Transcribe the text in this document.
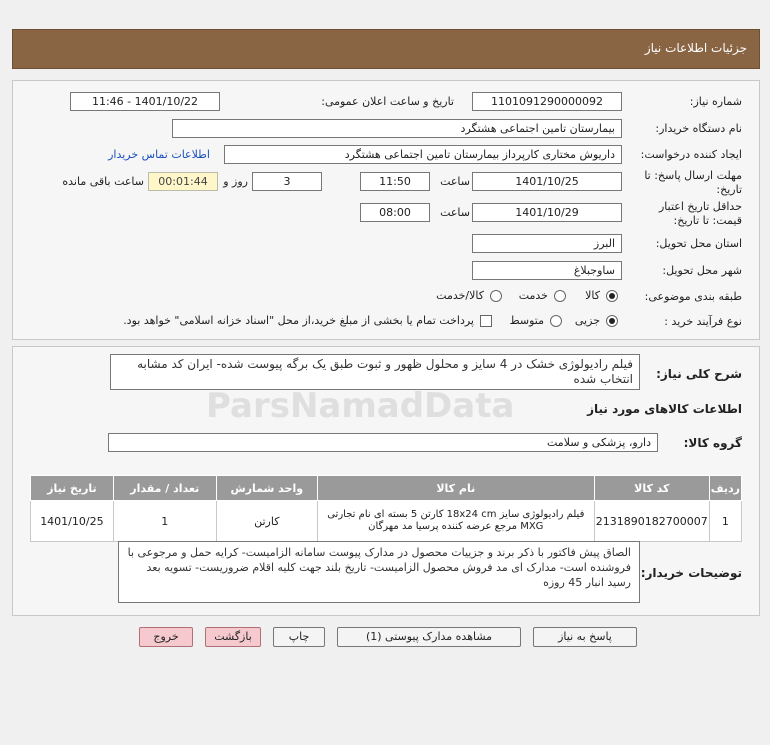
جزئیات اطلاعات نیاز
شماره نیاز:
1101091290000092
تاریخ و ساعت اعلان عمومی:
1401/10/22 - 11:46
نام دستگاه خریدار:
بیمارستان تامین اجتماعی هشتگرد
ایجاد کننده درخواست:
داریوش مختاری کارپرداز بیمارستان تامین اجتماعی هشتگرد
اطلاعات تماس خریدار
مهلت ارسال پاسخ: تا
تاریخ:
1401/10/25
ساعت
11:50
3
روز و
00:01:44
ساعت باقی مانده
حداقل تاریخ اعتبار
قیمت: تا تاریخ:
1401/10/29
ساعت
08:00
استان محل تحویل:
البرز
شهر محل تحویل:
ساوجبلاغ
طبقه بندی موضوعی:
کالا
خدمت
کالا/خدمت
نوع فرآیند خرید :
جزیی
متوسط
پرداخت تمام یا بخشی از مبلغ خرید،از محل "اسناد خزانه اسلامی" خواهد بود.
شرح کلی نیاز:
فیلم رادیولوژی خشک در 4 سایز و محلول ظهور و ثبوت طبق یک برگه پیوست شده- ایران کد مشابه انتخاب شده
اطلاعات کالاهای مورد نیاز
گروه کالا:
دارو، پزشکی و سلامت
ردیف	کد کالا	نام کالا	واحد شمارش	تعداد / مقدار	تاریخ نیاز
1	2131890182700007	فیلم رادیولوژی سایز 18x24 cm کارتن 5 بسته ای نام تجارتی MXG مرجع عرضه کننده پرسیا مد مهرگان	کارتن	1	1401/10/25
توضیحات خریدار:
الصاق پیش فاکتور با ذکر برند و جزییات محصول در مدارک پیوست سامانه الزامیست- کرایه حمل و مرجوعی با فروشنده است- مدارک ای مد فروش محصول الزامیست- تاریخ بلند جهت کلیه اقلام ضروریست- تسویه بعد رسید انبار 45 روزه
پاسخ به نیاز
مشاهده مدارک پیوستی (1)
چاپ
بازگشت
خروج
